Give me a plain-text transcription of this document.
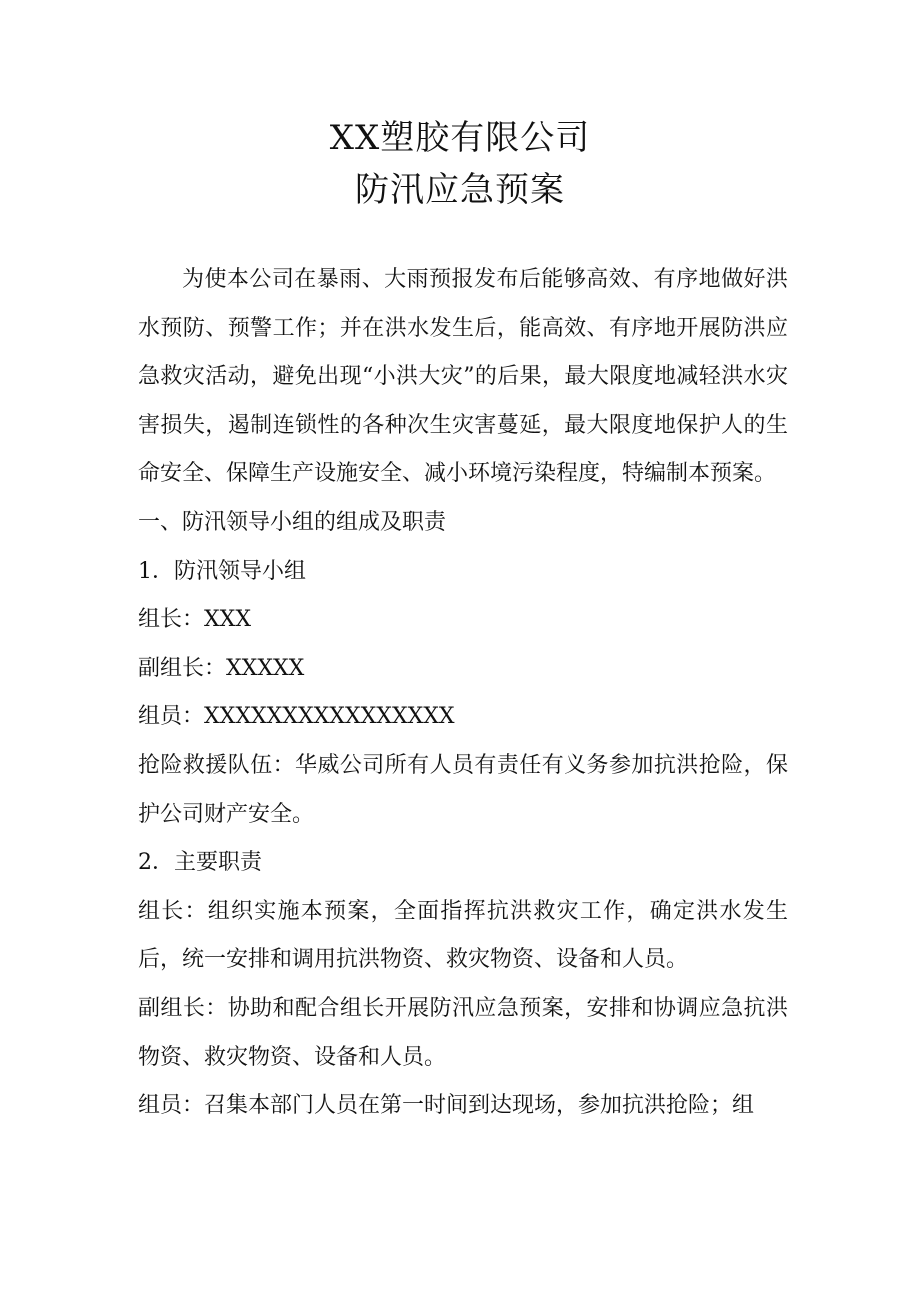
XX塑胶有限公司

防汛应急预案

为使本公司在暴雨、大雨预报发布后能够高效、有序地做好洪水预防、预警工作；并在洪水发生后，能高效、有序地开展防洪应急救灾活动，避免出现“小洪大灾”的后果，最大限度地减轻洪水灾害损失，遏制连锁性的各种次生灾害蔓延，最大限度地保护人的生命安全、保障生产设施安全、减小环境污染程度，特编制本预案。

一、防汛领导小组的组成及职责

1．防汛领导小组

组长：XXX

副组长：XXXXX

组员：XXXXXXXXXXXXXXXX

抢险救援队伍：华威公司所有人员有责任有义务参加抗洪抢险，保护公司财产安全。

2．主要职责

组长：组织实施本预案，全面指挥抗洪救灾工作，确定洪水发生后，统一安排和调用抗洪物资、救灾物资、设备和人员。

副组长：协助和配合组长开展防汛应急预案，安排和协调应急抗洪物资、救灾物资、设备和人员。

组员：召集本部门人员在第一时间到达现场，参加抗洪抢险；组
